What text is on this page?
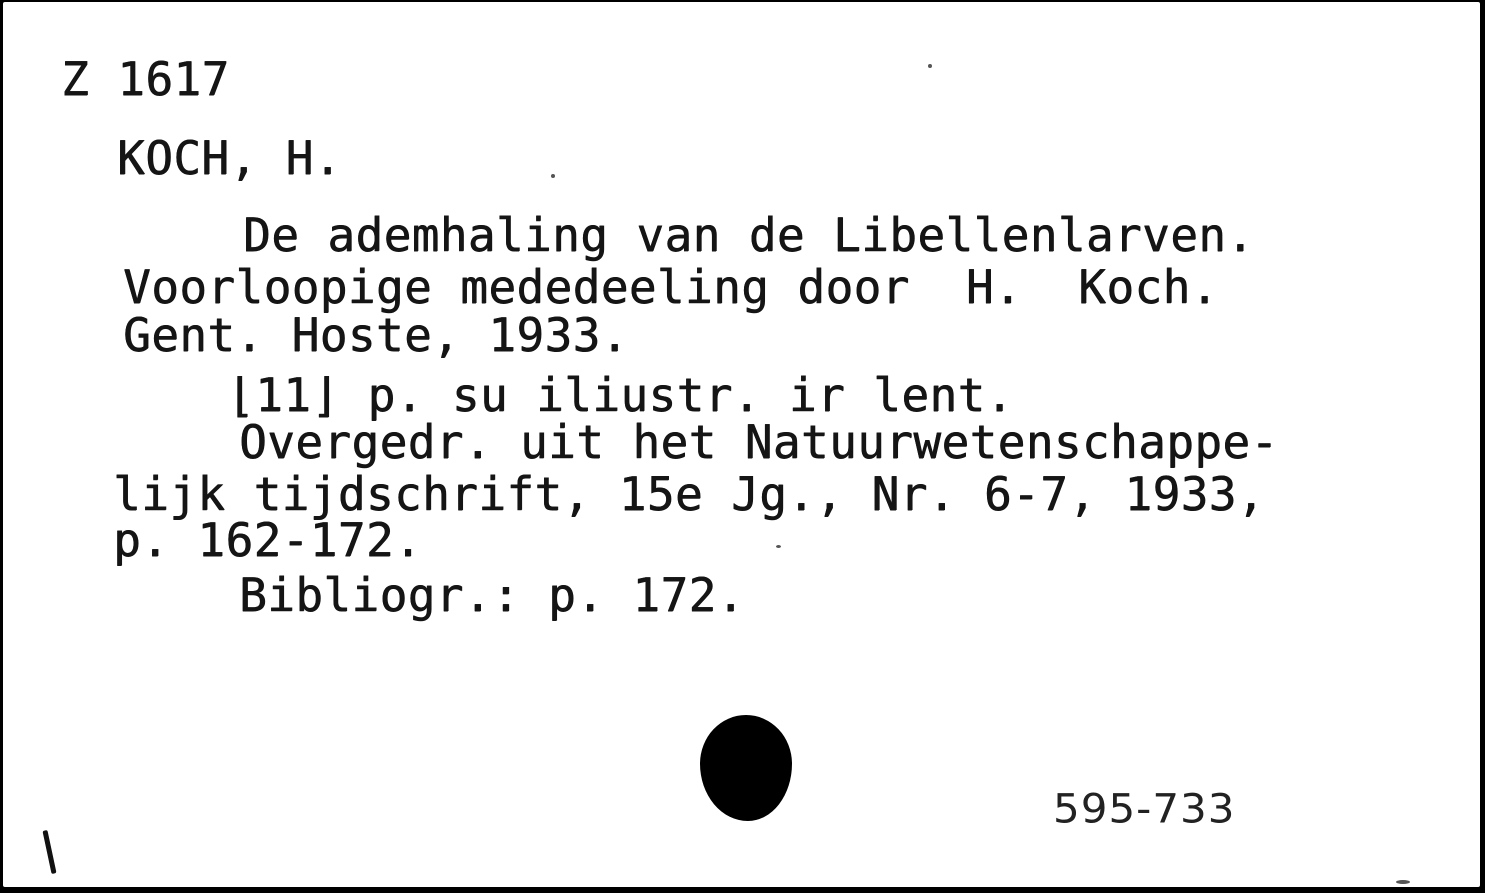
Z 1617
KOCH, H.
De ademhaling van de Libellenlarven.
Voorloopige mededeeling door  H.  Koch.
Gent. Hoste, 1933.
⌊11⌋ p. su iliustr. ir lent.
Overgedr. uit het Natuurwetenschappe-
lijk tijdschrift, 15e Jg., Nr. 6-7, 1933,
p. 162-172.
Bibliogr.: p. 172.
595-733
